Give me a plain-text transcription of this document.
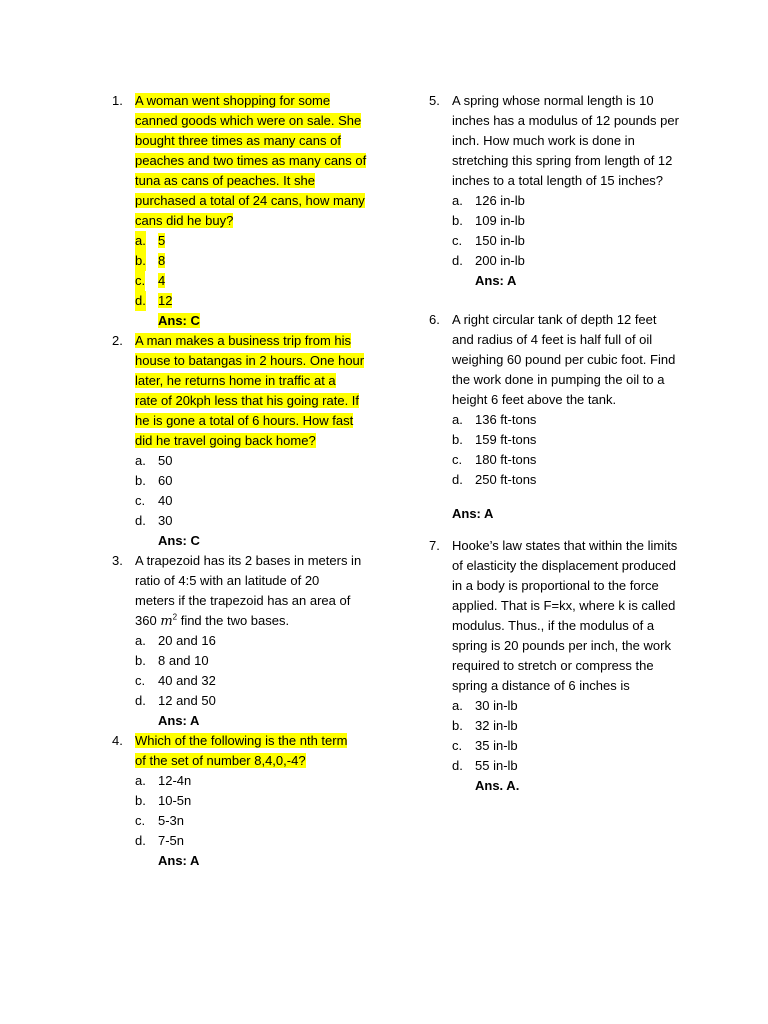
1. A woman went shopping for some
canned goods which were on sale. She
bought three times as many cans of
peaches and two times as many cans of
tuna as cans of peaches. It she
purchased a total of 24 cans, how many
cans did he buy?
a. 5
b. 8
c. 4
d. 12
Ans: C
2. A man makes a business trip from his
house to batangas in 2 hours. One hour
later, he returns home in traffic at a
rate of 20kph less that his going rate. If
he is gone a total of 6 hours. How fast
did he travel going back home?
a. 50
b. 60
c. 40
d. 30
Ans: C
3. A trapezoid has its 2 bases in meters in
ratio of 4:5 with an latitude of 20
meters if the trapezoid has an area of
360 $m^2$ find the two bases.
a. 20 and 16
b. 8 and 10
c. 40 and 32
d. 12 and 50
Ans: A
4. Which of the following is the nth term
of the set of number 8,4,0,-4?
a. 12-4n
b. 10-5n
c. 5-3n
d. 7-5n
Ans: A
5. A spring whose normal length is 10
inches has a modulus of 12 pounds per
inch. How much work is done in
stretching this spring from length of 12
inches to a total length of 15 inches?
a. 126 in-lb
b. 109 in-lb
c. 150 in-lb
d. 200 in-lb
Ans: A
6. A right circular tank of depth 12 feet
and radius of 4 feet is half full of oil
weighing 60 pound per cubic foot. Find
the work done in pumping the oil to a
height 6 feet above the tank.
a. 136 ft-tons
b. 159 ft-tons
c. 180 ft-tons
d. 250 ft-tons
Ans: A
7. Hooke’s law states that within the limits
of elasticity the displacement produced
in a body is proportional to the force
applied. That is F=kx, where k is called
modulus. Thus., if the modulus of a
spring is 20 pounds per inch, the work
required to stretch or compress the
spring a distance of 6 inches is
a. 30 in-lb
b. 32 in-lb
c. 35 in-lb
d. 55 in-lb
Ans. A.
